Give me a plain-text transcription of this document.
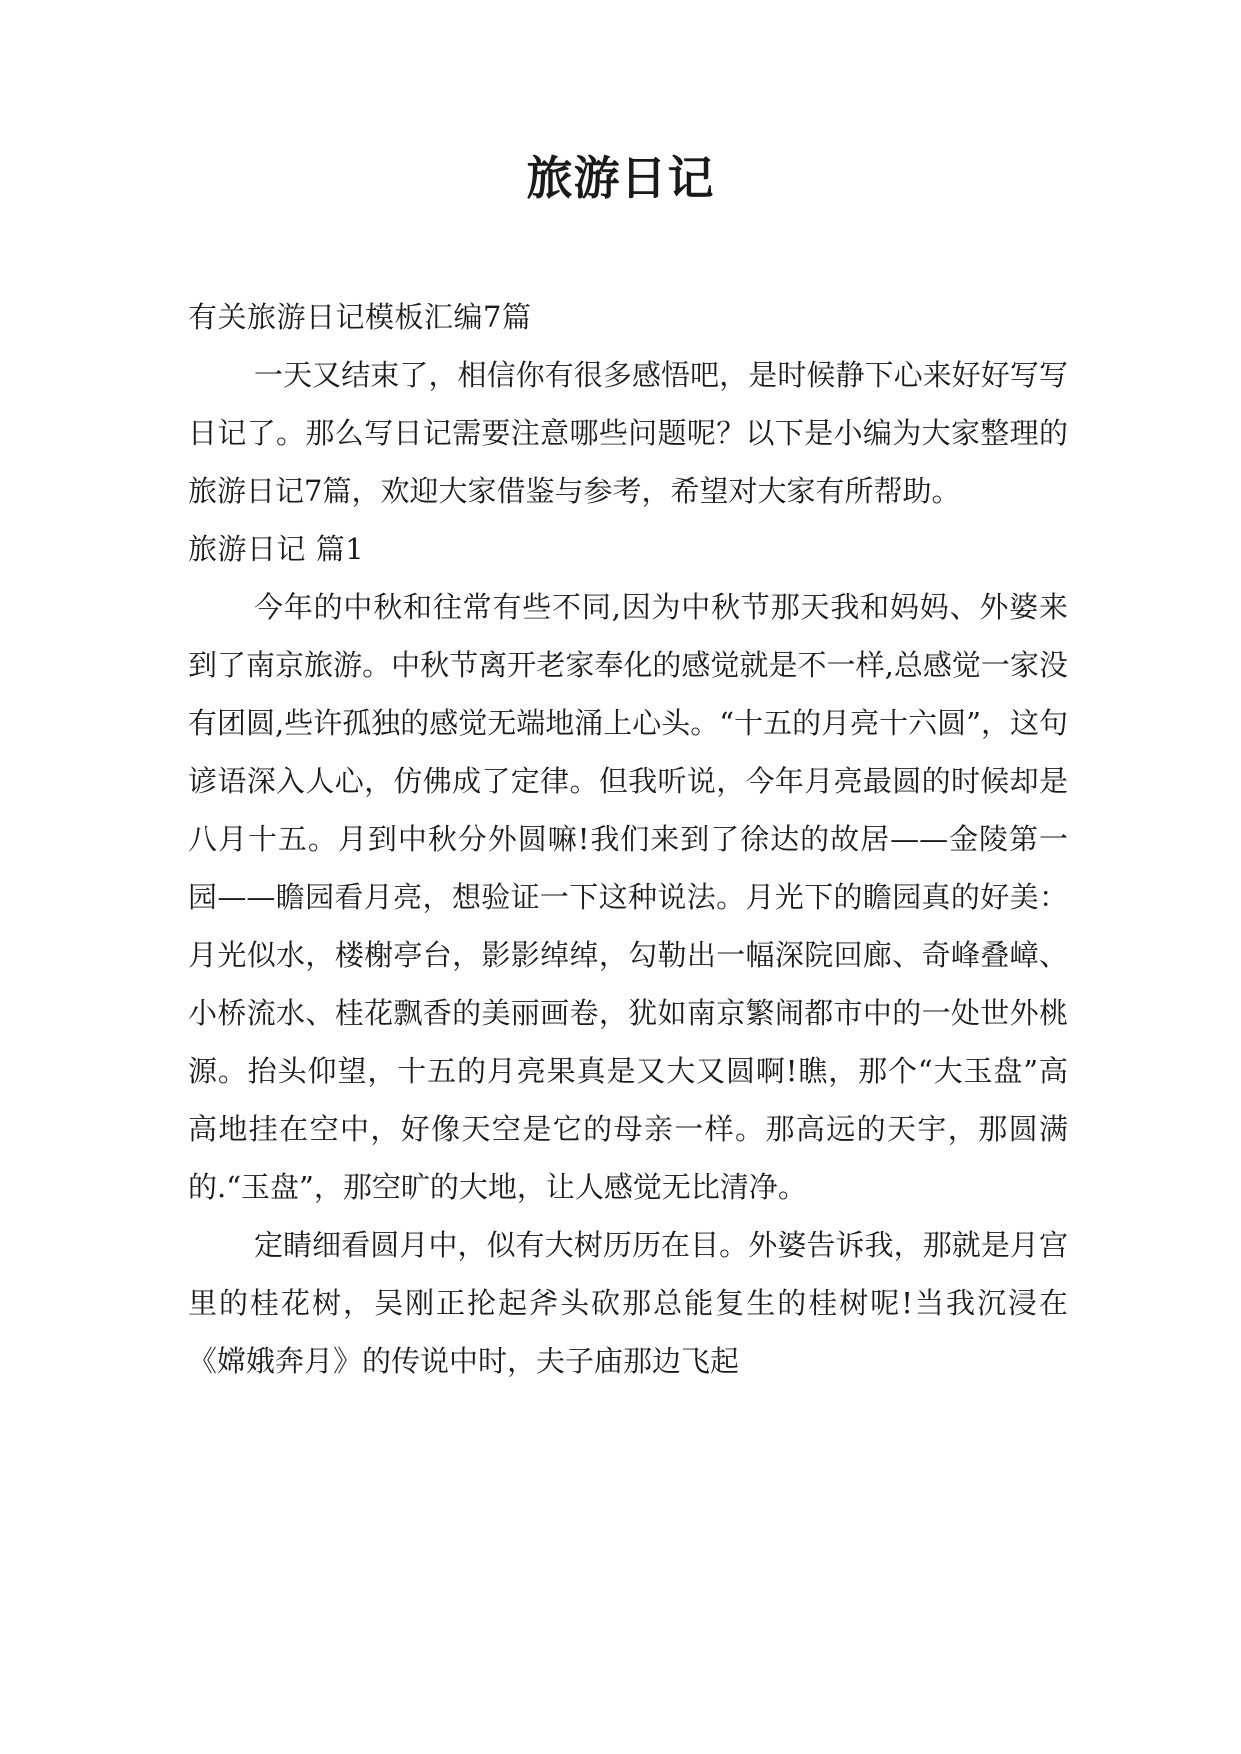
旅游日记

有关旅游日记模板汇编7篇

一天又结束了，相信你有很多感悟吧，是时候静下心来好好写写日记了。那么写日记需要注意哪些问题呢？以下是小编为大家整理的旅游日记7篇，欢迎大家借鉴与参考，希望对大家有所帮助。

旅游日记 篇1

今年的中秋和往常有些不同,因为中秋节那天我和妈妈、外婆来到了南京旅游。中秋节离开老家奉化的感觉就是不一样,总感觉一家没有团圆,些许孤独的感觉无端地涌上心头。“十五的月亮十六圆”，这句谚语深入人心，仿佛成了定律。但我听说，今年月亮最圆的时候却是八月十五。月到中秋分外圆嘛!我们来到了徐达的故居——金陵第一园——瞻园看月亮，想验证一下这种说法。月光下的瞻园真的好美：月光似水，楼榭亭台，影影绰绰，勾勒出一幅深院回廊、奇峰叠嶂、小桥流水、桂花飘香的美丽画卷，犹如南京繁闹都市中的一处世外桃源。抬头仰望，十五的月亮果真是又大又圆啊!瞧，那个“大玉盘”高高地挂在空中，好像天空是它的母亲一样。那高远的天宇，那圆满的.“玉盘”，那空旷的大地，让人感觉无比清净。

定睛细看圆月中，似有大树历历在目。外婆告诉我，那就是月宫里的桂花树，吴刚正抡起斧头砍那总能复生的桂树呢!当我沉浸在《嫦娥奔月》的传说中时，夫子庙那边飞起
